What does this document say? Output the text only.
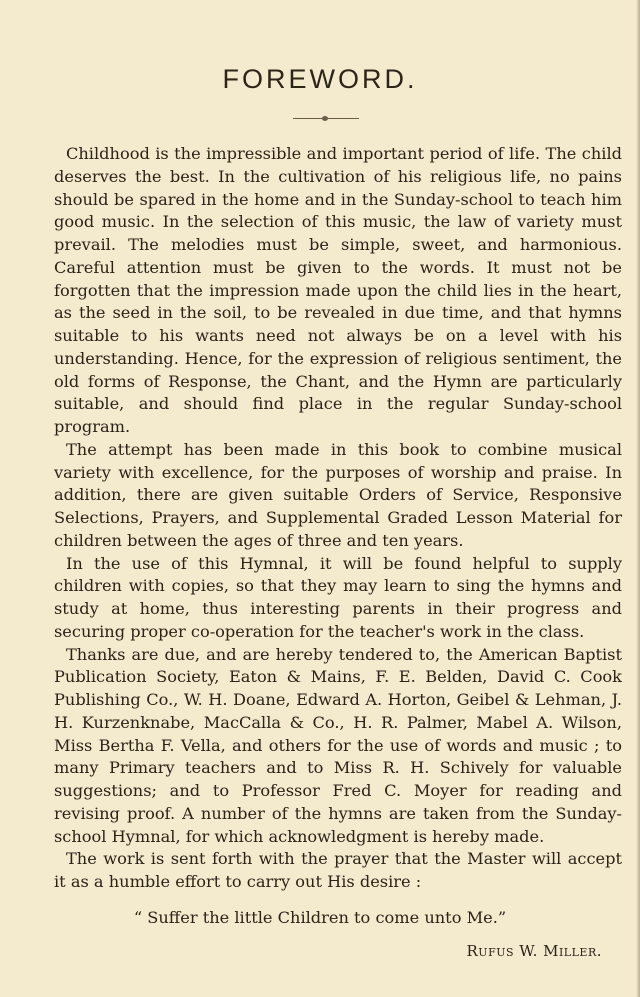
FOREWORD.

Childhood is the impressible and important period of life. The child deserves the best. In the cultivation of his religious life, no pains should be spared in the home and in the Sunday-school to teach him good music. In the selection of this music, the law of variety must prevail. The melodies must be simple, sweet, and harmonious. Careful attention must be given to the words. It must not be forgotten that the impression made upon the child lies in the heart, as the seed in the soil, to be revealed in due time, and that hymns suitable to his wants need not always be on a level with his understanding. Hence, for the expression of religious sentiment, the old forms of Response, the Chant, and the Hymn are particularly suitable, and should find place in the regular Sunday-school program.

The attempt has been made in this book to combine musical variety with excellence, for the purposes of worship and praise. In addition, there are given suitable Orders of Service, Responsive Selections, Prayers, and Supplemental Graded Lesson Material for children between the ages of three and ten years.

In the use of this Hymnal, it will be found helpful to supply children with copies, so that they may learn to sing the hymns and study at home, thus interesting parents in their progress and securing proper co-operation for the teacher's work in the class.

Thanks are due, and are hereby tendered to, the American Baptist Publication Society, Eaton & Mains, F. E. Belden, David C. Cook Publishing Co., W. H. Doane, Edward A. Horton, Geibel & Lehman, J. H. Kurzenknabe, MacCalla & Co., H. R. Palmer, Mabel A. Wilson, Miss Bertha F. Vella, and others for the use of words and music ; to many Primary teachers and to Miss R. H. Schively for valuable suggestions; and to Professor Fred C. Moyer for reading and revising proof. A number of the hymns are taken from the Sunday-school Hymnal, for which acknowledgment is hereby made.

The work is sent forth with the prayer that the Master will accept it as a humble effort to carry out His desire :

“ Suffer the little Children to come unto Me.”
Rufus W. Miller.
